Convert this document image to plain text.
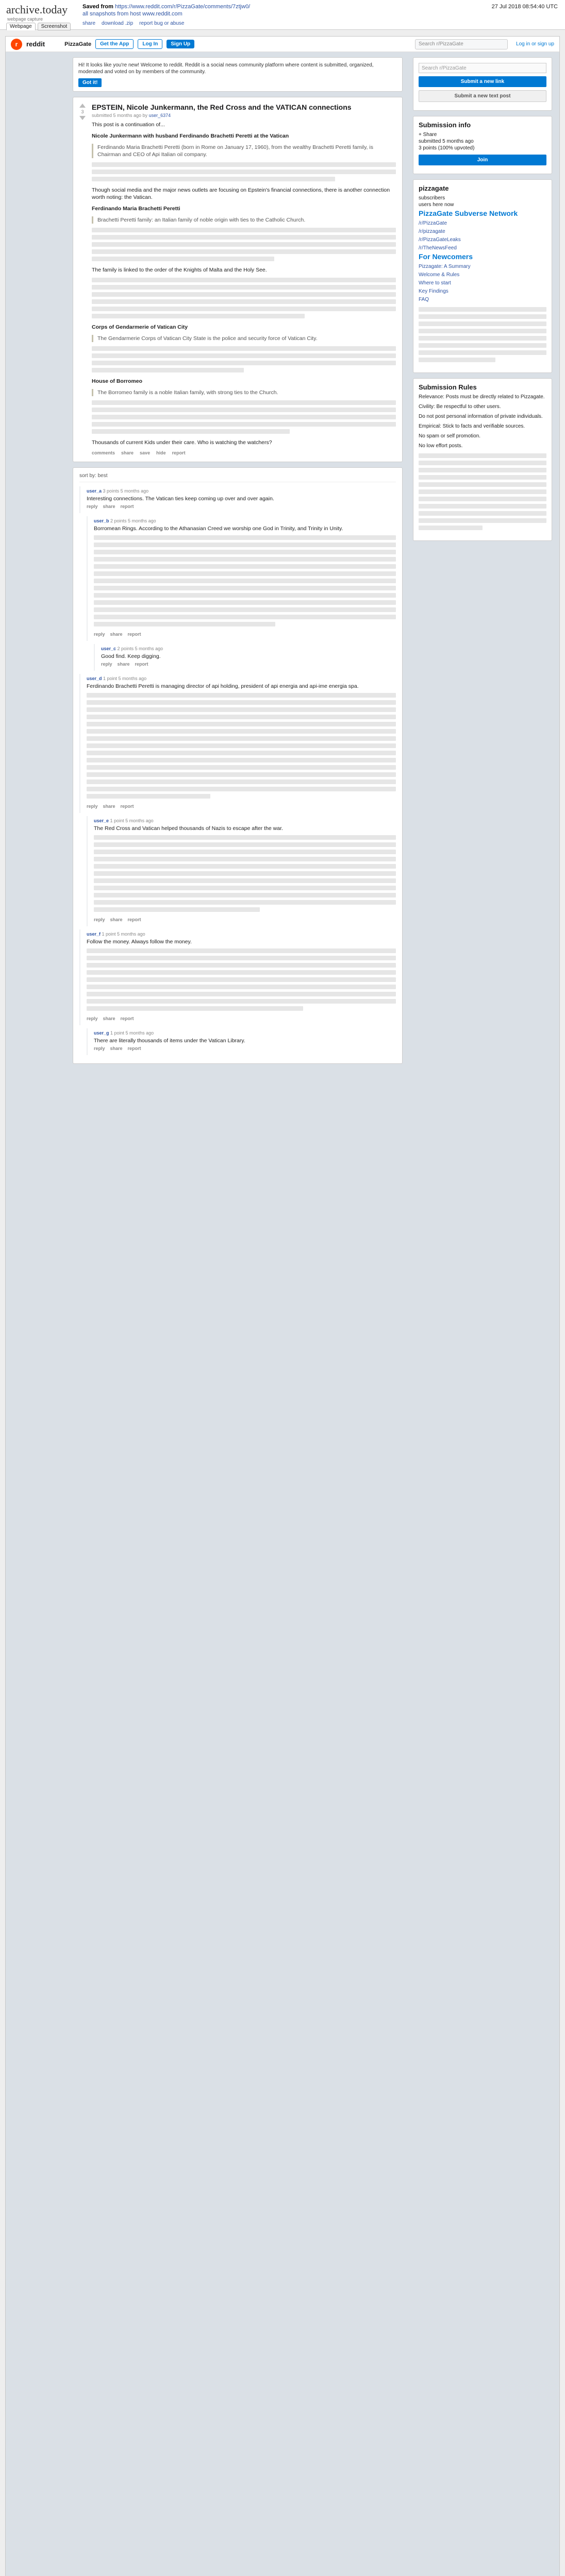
archive.today
webpage capture
Saved from https://www.reddit.com/r/PizzaGate/comments/7ztjw0/
all snapshots from host www.reddit.com
27 Jul 2018 08:54:40 UTC
Webpage	Screenshot
share download .zip report bug or abuse
r	reddit	PizzaGate	Get the App	Log In	Sign Up	Search r/PizzaGate	Log in or sign up
Hi! It looks like you're new! Welcome to reddit. Reddit is a social news community platform where content is submitted, organized, moderated and voted on by members of the community.
Got it!
3
EPSTEIN, Nicole Junkermann, the Red Cross and the VATICAN connections
submitted 5 months ago by user_6374

This post is a continuation of...

Nicole Junkermann with husband Ferdinando Brachetti Peretti at the Vatican

Ferdinando Maria Brachetti Peretti (born in Rome on January 17, 1960), from the wealthy Brachetti Peretti family, is Chairman and CEO of Api Italian oil company.

Though social media and the major news outlets are focusing on Epstein's financial connections, there is another connection worth noting: the Vatican.

Ferdinando Maria Brachetti Peretti

Brachetti Peretti family: an Italian family of noble origin with ties to the Catholic Church.

The family is linked to the order of the Knights of Malta and the Holy See.

Corps of Gendarmerie of Vatican City

The Gendarmerie Corps of Vatican City State is the police and security force of Vatican City.

House of Borromeo

The Borromeo family is a noble Italian family, with strong ties to the Church.

Thousands of current Kids under their care. Who is watching the watchers?

comments share save hide report
sort by: best
user_a 3 points 5 months ago
Interesting connections. The Vatican ties keep coming up over and over again.
reply share report
user_b 2 points 5 months ago
Borromean Rings. According to the Athanasian Creed we worship one God in Trinity, and Trinity in Unity.
reply share report
user_c 2 points 5 months ago
Good find. Keep digging.
reply share report
user_d 1 point 5 months ago
Ferdinando Brachetti Peretti is managing director of api holding, president of api energia and api-ime energia spa.
reply share report
user_e 1 point 5 months ago
The Red Cross and Vatican helped thousands of Nazis to escape after the war.
reply share report
user_f 1 point 5 months ago
Follow the money. Always follow the money.
reply share report
user_g 1 point 5 months ago
There are literally thousands of items under the Vatican Library.
reply share report
Search r/PizzaGate
Submit a new link
Submit a new text post
Submission info
+ Share
submitted 5 months ago
3 points (100% upvoted)
Join
pizzagate
subscribers
users here now
PizzaGate Subverse Network
/r/PizzaGate
/r/pizzagate
/r/PizzaGateLeaks
/r/TheNewsFeed
For Newcomers
Pizzagate: A Summary
Welcome & Rules
Where to start
Key Findings
FAQ
Submission Rules
Relevance: Posts must be directly related to Pizzagate.
Civility: Be respectful to other users.
Do not post personal information of private individuals.
Empirical: Stick to facts and verifiable sources.
No spam or self promotion.
No low effort posts.
